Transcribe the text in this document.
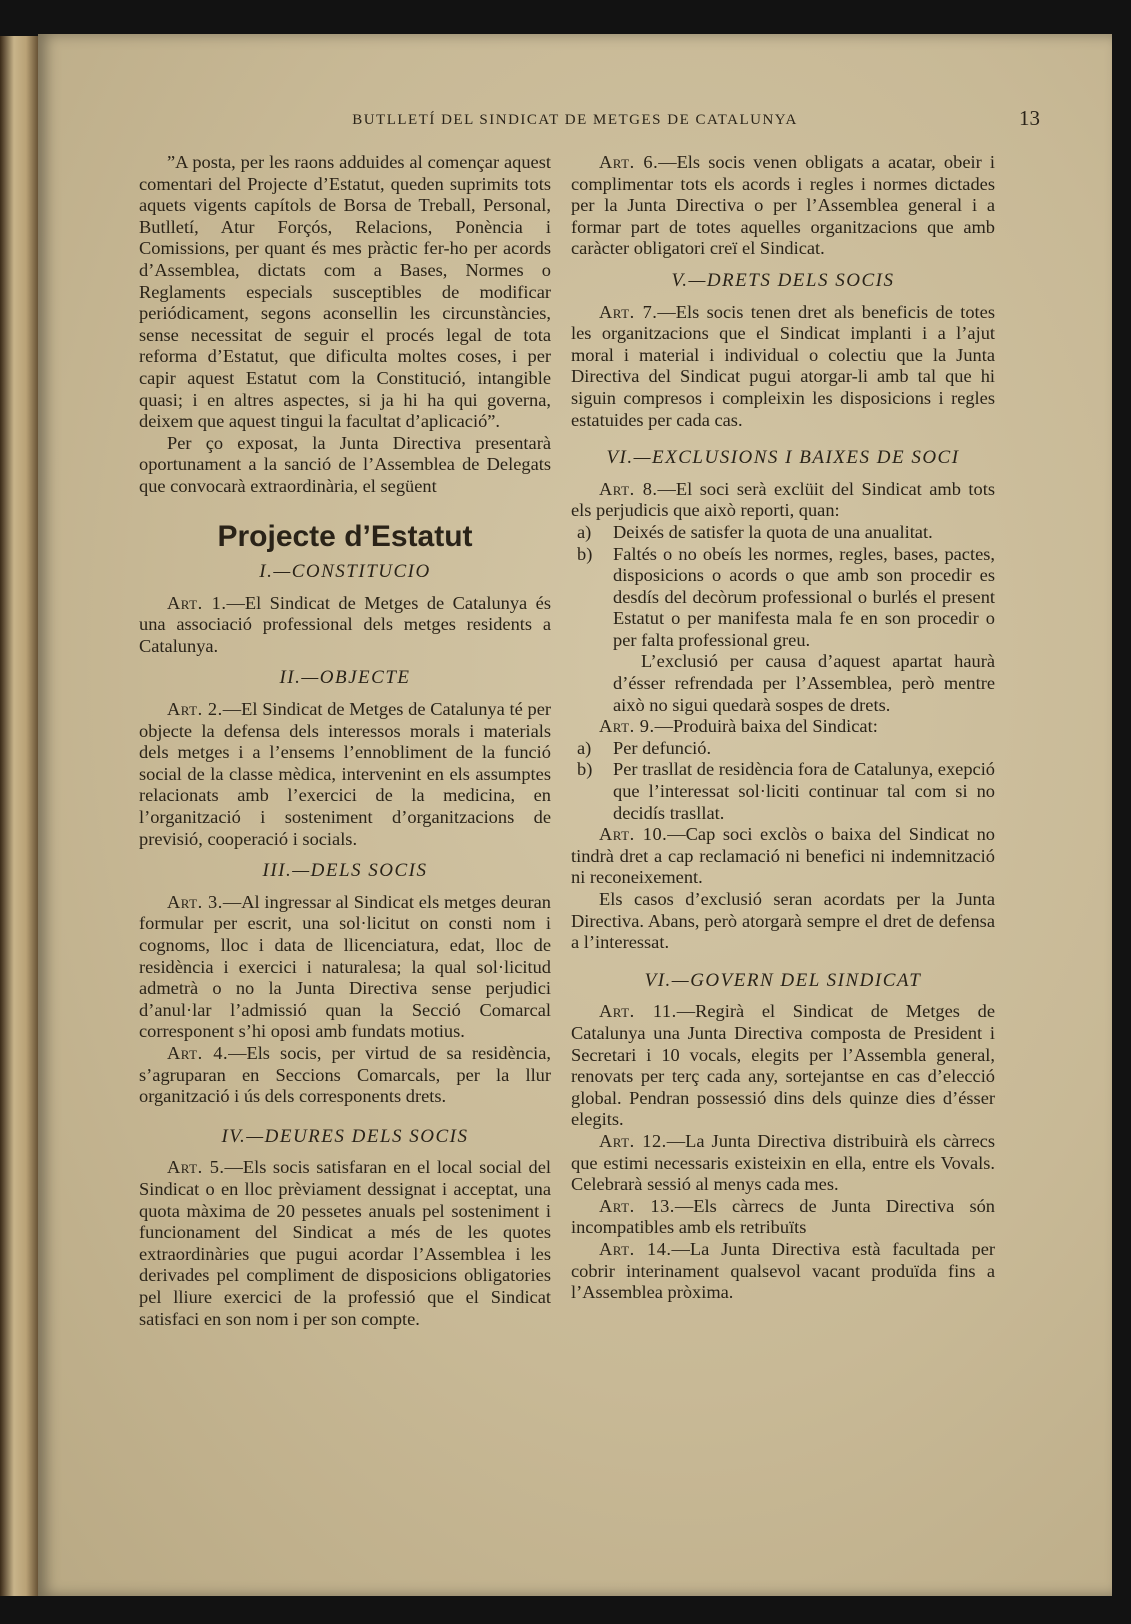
BUTLLETÍ DEL SINDICAT DE METGES DE CATALUNYA	13

”A posta, per les raons adduides al començar aquest comentari del Projecte d’Estatut, queden suprimits tots aquets vigents capítols de Borsa de Treball, Personal, Butlletí, Atur Forçós, Relacions, Ponència i Comissions, per quant és mes pràctic fer-ho per acords d’Assemblea, dictats com a Bases, Normes o Reglaments especials susceptibles de modificar periódicament, segons aconsellin les circunstàncies, sense necessitat de seguir el procés legal de tota reforma d’Estatut, que dificulta moltes coses, i per capir aquest Estatut com la Constitució, intangible quasi; i en altres aspectes, si ja hi ha qui governa, deixem que aquest tingui la facultat d’aplicació”.

Per ço exposat, la Junta Directiva presentarà oportunament a la sanció de l’Assemblea de Delegats que convocarà extraordinària, el següent

Projecte d’Estatut
I.—CONSTITUCIO

Art. 1.—El Sindicat de Metges de Catalunya és una associació professional dels metges residents a Catalunya.

II.—OBJECTE

Art. 2.—El Sindicat de Metges de Catalunya té per objecte la defensa dels interessos morals i materials dels metges i a l’ensems l’ennobliment de la funció social de la classe mèdica, intervenint en els assumptes relacionats amb l’exercici de la medicina, en l’organització i sosteniment d’organitzacions de previsió, cooperació i socials.

III.—DELS SOCIS

Art. 3.—Al ingressar al Sindicat els metges deuran formular per escrit, una sol·licitut on consti nom i cognoms, lloc i data de llicenciatura, edat, lloc de residència i exercici i naturalesa; la qual sol·licitud admetrà o no la Junta Directiva sense perjudici d’anul·lar l’admissió quan la Secció Comarcal corresponent s’hi oposi amb fundats motius.

Art. 4.—Els socis, per virtud de sa residència, s’agruparan en Seccions Comarcals, per la llur organització i ús dels corresponents drets.

IV.—DEURES DELS SOCIS

Art. 5.—Els socis satisfaran en el local social del Sindicat o en lloc prèviament dessignat i acceptat, una quota màxima de 20 pessetes anuals pel sosteniment i funcionament del Sindicat a més de les quotes extraordinàries que pugui acordar l’Assemblea i les derivades pel compliment de disposicions obligatories pel lliure exercici de la professió que el Sindicat satisfaci en son nom i per son compte.

Art. 6.—Els socis venen obligats a acatar, obeir i complimentar tots els acords i regles i normes dictades per la Junta Directiva o per l’Assemblea general i a formar part de totes aquelles organitzacions que amb caràcter obligatori creï el Sindicat.

V.—DRETS DELS SOCIS

Art. 7.—Els socis tenen dret als beneficis de totes les organitzacions que el Sindicat implanti i a l’ajut moral i material i individual o colectiu que la Junta Directiva del Sindicat pugui atorgar-li amb tal que hi siguin compresos i compleixin les disposicions i regles estatuides per cada cas.

VI.—EXCLUSIONS I BAIXES DE SOCI

Art. 8.—El soci serà exclüit del Sindicat amb tots els perjudicis que això reporti, quan:

a)	Deixés de satisfer la quota de una anualitat.
b)	Faltés o no obeís les normes, regles, bases, pactes, disposicions o acords o que amb son procedir es desdís del decòrum professional o burlés el present Estatut o per manifesta mala fe en son procedir o per falta professional greu.

L’exclusió per causa d’aquest apartat haurà d’ésser refrendada per l’Assemblea, però mentre això no sigui quedarà sospes de drets.

Art. 9.—Produirà baixa del Sindicat:

a)	Per defunció.
b)	Per trasllat de residència fora de Catalunya, exepció que l’interessat sol·liciti continuar tal com si no decidís trasllat.

Art. 10.—Cap soci exclòs o baixa del Sindicat no tindrà dret a cap reclamació ni benefici ni indemnització ni reconeixement.

Els casos d’exclusió seran acordats per la Junta Directiva. Abans, però atorgarà sempre el dret de defensa a l’interessat.

VI.—GOVERN DEL SINDICAT

Art. 11.—Regirà el Sindicat de Metges de Catalunya una Junta Directiva composta de President i Secretari i 10 vocals, elegits per l’Assembla general, renovats per terç cada any, sortejantse en cas d’elecció global. Pendran possessió dins dels quinze dies d’ésser elegits.

Art. 12.—La Junta Directiva distribuirà els càrrecs que estimi necessaris existeixin en ella, entre els Vovals. Celebrarà sessió al menys cada mes.

Art. 13.—Els càrrecs de Junta Directiva són incompatibles amb els retribuïts

Art. 14.—La Junta Directiva està facultada per cobrir interinament qualsevol vacant produïda fins a l’Assemblea pròxima.
